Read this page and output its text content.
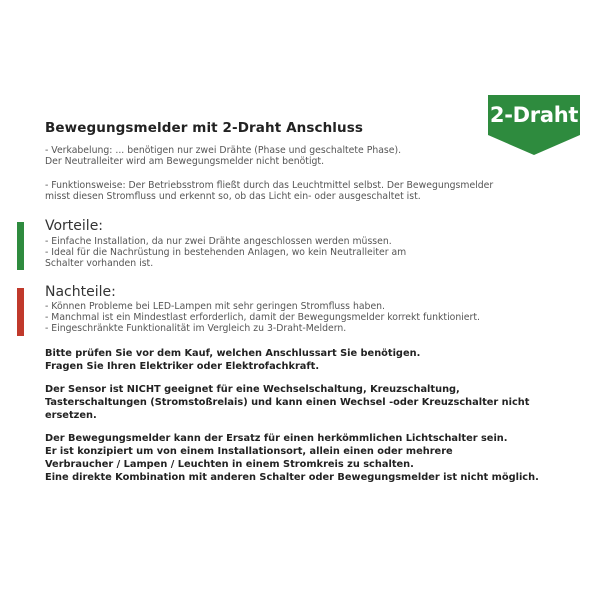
2-Draht
Bewegungsmelder mit 2-Draht Anschluss
- Verkabelung: ... benötigen nur zwei Drähte (Phase und geschaltete Phase).
Der Neutralleiter wird am Bewegungsmelder nicht benötigt.
- Funktionsweise: Der Betriebsstrom fließt durch das Leuchtmittel selbst. Der Bewegungsmelder
misst diesen Stromfluss und erkennt so, ob das Licht ein- oder ausgeschaltet ist.
Vorteile:
- Einfache Installation, da nur zwei Drähte angeschlossen werden müssen.
- Ideal für die Nachrüstung in bestehenden Anlagen, wo kein Neutralleiter am
Schalter vorhanden ist.
Nachteile:
- Können Probleme bei LED-Lampen mit sehr geringen Stromfluss haben.
- Manchmal ist ein Mindestlast erforderlich, damit der Bewegungsmelder korrekt funktioniert.
- Eingeschränkte Funktionalität im Vergleich zu 3-Draht-Meldern.
Bitte prüfen Sie vor dem Kauf, welchen Anschlussart Sie benötigen.
Fragen Sie Ihren Elektriker oder Elektrofachkraft.
Der Sensor ist NICHT geeignet für eine Wechselschaltung, Kreuzschaltung,
Tasterschaltungen (Stromstoßrelais) und kann einen Wechsel -oder Kreuzschalter nicht
ersetzen.
Der Bewegungsmelder kann der Ersatz für einen herkömmlichen Lichtschalter sein.
Er ist konzipiert um von einem Installationsort, allein einen oder mehrere
Verbraucher / Lampen / Leuchten in einem Stromkreis zu schalten.
Eine direkte Kombination mit anderen Schalter oder Bewegungsmelder ist nicht möglich.
